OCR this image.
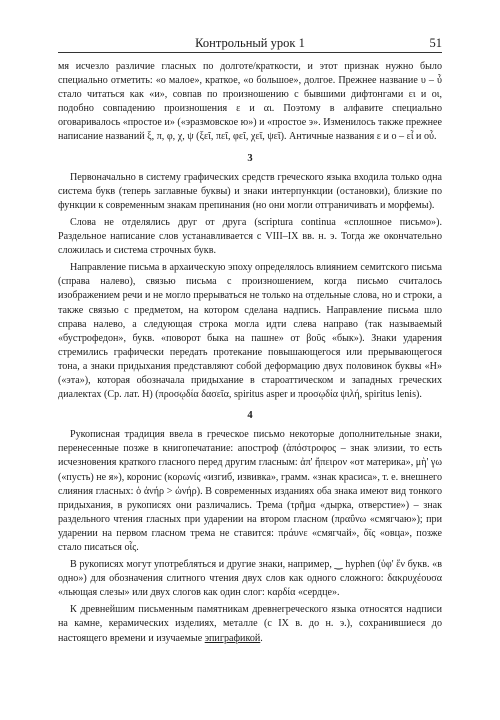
Контрольный урок 1	51

мя исчезло различие гласных по долготе/краткости, и этот признак нужно было специально отметить: «о малое», краткое, «о большое», долгое. Прежнее название υ – ὖ стало читаться как «и», совпав по произношению с бывшими дифтонгами ει и οι, подобно совпадению произношения ε и αι. Поэтому в алфавите специально оговаривалось «простое и» («эразмовское ю») и «простое э». Изменилось также прежнее написание названий ξ, π, φ, χ, ψ (ξεῖ, πεῖ, φεῖ, χεῖ, ψεῖ). Античные названия ε и ο – εἶ и οὖ.

3

Первоначально в систему графических средств греческого языка входила только одна система букв (теперь заглавные буквы) и знаки интерпункции (остановки), близкие по функции к современным знакам препинания (но они могли отграничивать и морфемы).

Слова не отделялись друг от друга (scriptura continua «сплошное письмо»). Раздельное написание слов устанавливается с VIII–IX вв. н. э. Тогда же окончательно сложилась и система строчных букв.

Направление письма в архаическую эпоху определялось влиянием семитского письма (справа налево), связью письма с произношением, когда письмо считалось изображением речи и не могло прерываться не только на отдельные слова, но и строки, а также связью с предметом, на котором сделана надпись. Направление письма шло справа налево, а следующая строка могла идти слева направо (так называемый «бустрофедон», букв. «поворот быка на пашне» от βοῦς «бык»). Знаки ударения стремились графически передать протекание повышающегося или прерывающегося тона, а знаки придыхания представляют собой деформацию двух половинок буквы «Н» («эта»), которая обозначала придыхание в староаттическом и западных греческих диалектах (Ср. лат. H) (προσῳδία δασεῖα, spiritus asper и προσῳδία ψιλή, spiritus lenis).

4

Рукописная традиция ввела в греческое письмо некоторые дополнительные знаки, перенесенные позже в книгопечатание: апостроф (ἀπόστροφος – знак элизии, то есть исчезновения краткого гласного перед другим гласным: ἀπ' ἤπειρον «от материка», μὴ' γω («пусть) не я»), коронис (κορωνίς «изгиб, извивка», грамм. «знак красиса», т. е. внешнего слияния гласных: ὁ ἀνήρ > ὠνήρ). В современных изданиях оба знака имеют вид тонкого придыхания, в рукописях они различались. Трема (τρῆμα «дырка, отверстие») – знак раздельного чтения гласных при ударении на втором гласном (πραΰνω «смягчаю»); при ударении на первом гласном трема не ставится: πράυνε «смягчай», ὄϊς «овца», позже стало писаться οἶς.

В рукописях могут употребляться и другие знаки, например, ‿ hyphen (ὑφ' ἕν букв. «в одно») для обозначения слитного чтения двух слов как одного сложного: δακρυχέουσα «льющая слезы» или двух слогов как один слог: καρδία «сердце».

К древнейшим письменным памятникам древнегреческого языка относятся надписи на камне, керамических изделиях, металле (с IX в. до н. э.), сохранившиеся до настоящего времени и изучаемые эпиграфикой.
